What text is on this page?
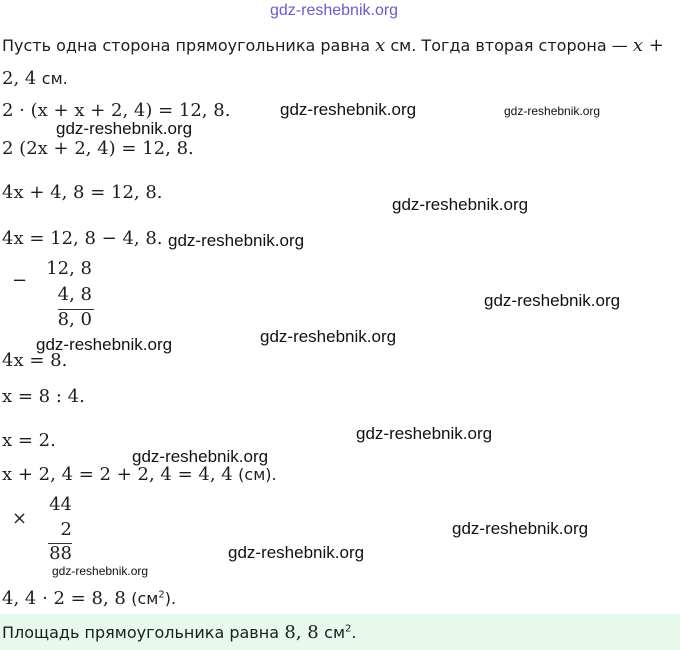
gdz-reshebnik.org
Пусть одна сторона прямоугольника равна x см. Тогда вторая сторона — x +
2, 4 см.
2 · (x + x + 2, 4) = 12, 8.
2 (2x + 2, 4) = 12, 8.
4x + 4, 8 = 12, 8.
4x = 12, 8 − 4, 8.
−
12, 8
4, 8
8, 0
4x = 8.
x = 8 : 4.
x = 2.
x + 2, 4 = 2 + 2, 4 = 4, 4 (см).
×
44
2
88
4, 4 · 2 = 8, 8 $(см^2)$.
Площадь прямоугольника равна 8, 8 $см^2$.
gdz-reshebnik.org	gdz-reshebnik.org
gdz-reshebnik.org
gdz-reshebnik.org
gdz-reshebnik.org
gdz-reshebnik.org
gdz-reshebnik.org
gdz-reshebnik.org
gdz-reshebnik.org
gdz-reshebnik.org
gdz-reshebnik.org
gdz-reshebnik.org
gdz-reshebnik.org
